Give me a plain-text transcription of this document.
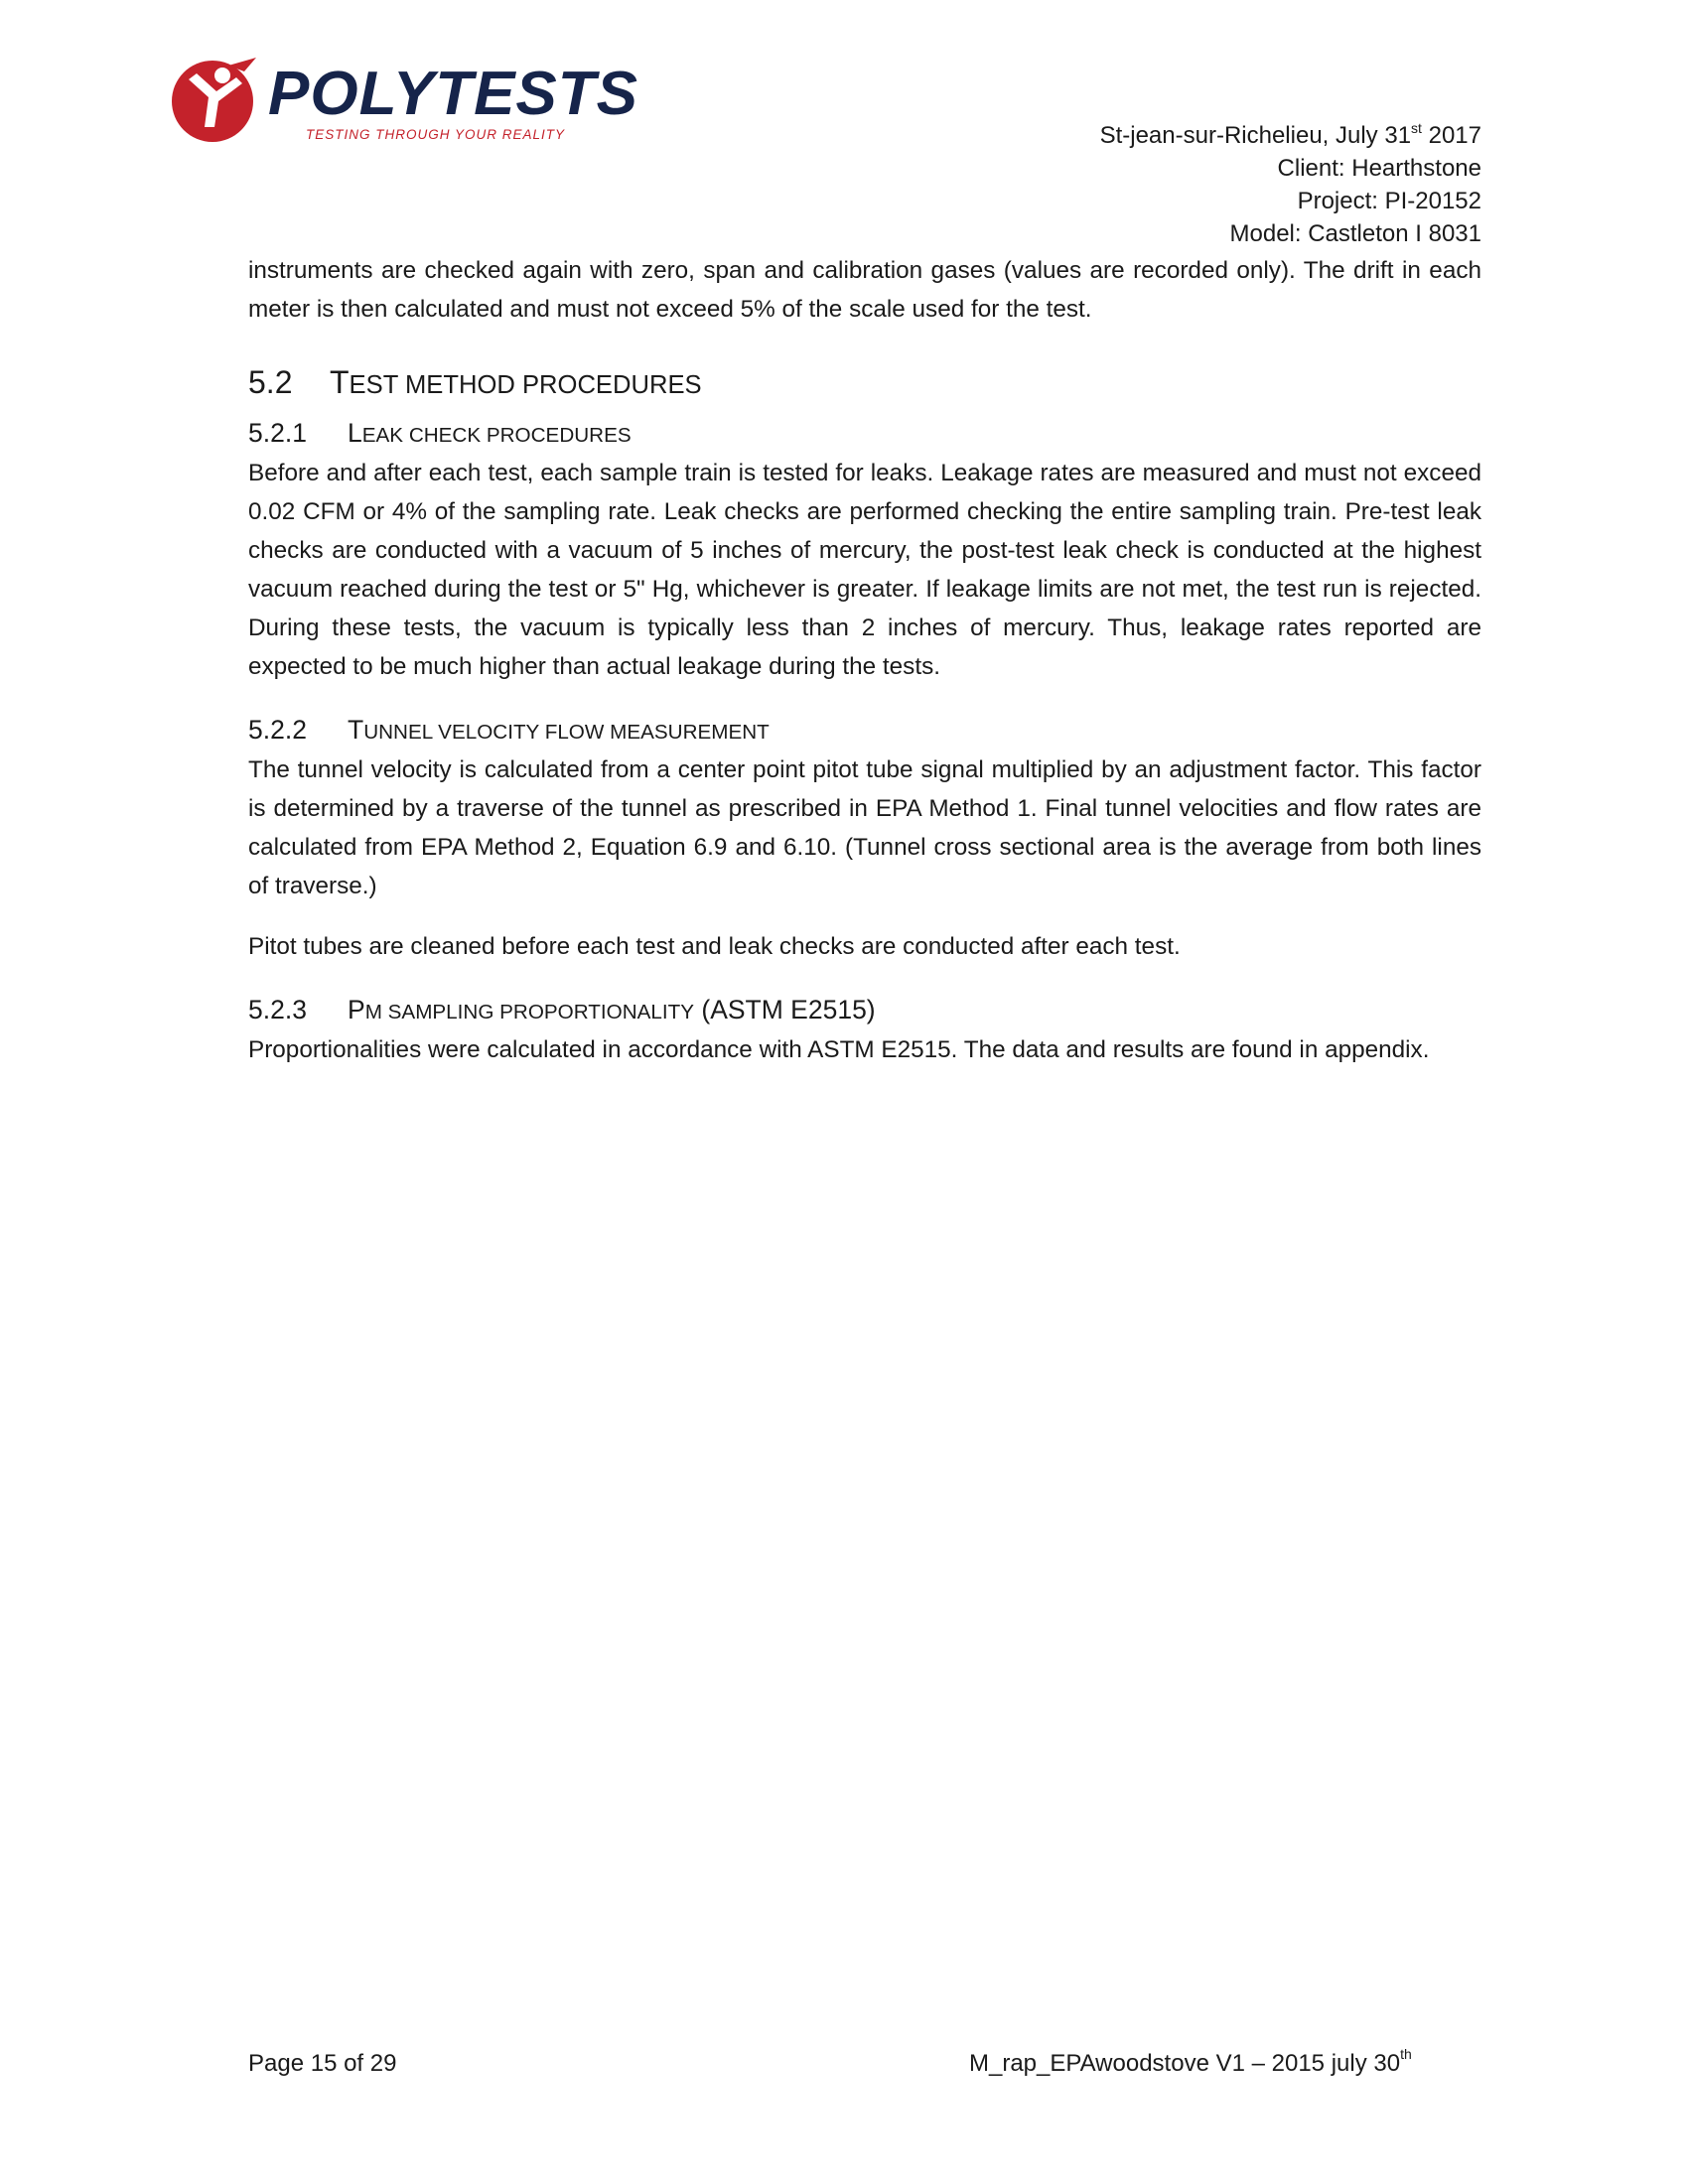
POLYTESTS
TESTING THROUGH YOUR REALITY	St-jean-sur-Richelieu, July 31st 2017
Client: Hearthstone
Project: PI-20152
Model: Castleton I 8031

instruments are checked again with zero, span and calibration gases (values are recorded only). The drift in each meter is then calculated and must not exceed 5% of the scale used for the test.

5.2 TEST METHOD PROCEDURES
5.2.1 LEAK CHECK PROCEDURES

Before and after each test, each sample train is tested for leaks. Leakage rates are measured and must not exceed 0.02 CFM or 4% of the sampling rate. Leak checks are performed checking the entire sampling train. Pre-test leak checks are conducted with a vacuum of 5 inches of mercury, the post-test leak check is conducted at the highest vacuum reached during the test or 5" Hg, whichever is greater. If leakage limits are not met, the test run is rejected. During these tests, the vacuum is typically less than 2 inches of mercury. Thus, leakage rates reported are expected to be much higher than actual leakage during the tests.

5.2.2 TUNNEL VELOCITY FLOW MEASUREMENT

The tunnel velocity is calculated from a center point pitot tube signal multiplied by an adjustment factor. This factor is determined by a traverse of the tunnel as prescribed in EPA Method 1. Final tunnel velocities and flow rates are calculated from EPA Method 2, Equation 6.9 and 6.10. (Tunnel cross sectional area is the average from both lines of traverse.)

Pitot tubes are cleaned before each test and leak checks are conducted after each test.

5.2.3 PM SAMPLING PROPORTIONALITY (ASTM E2515)

Proportionalities were calculated in accordance with ASTM E2515. The data and results are found in appendix.

Page 15 of 29	M_rap_EPAwoodstove V1 – 2015 july 30th
